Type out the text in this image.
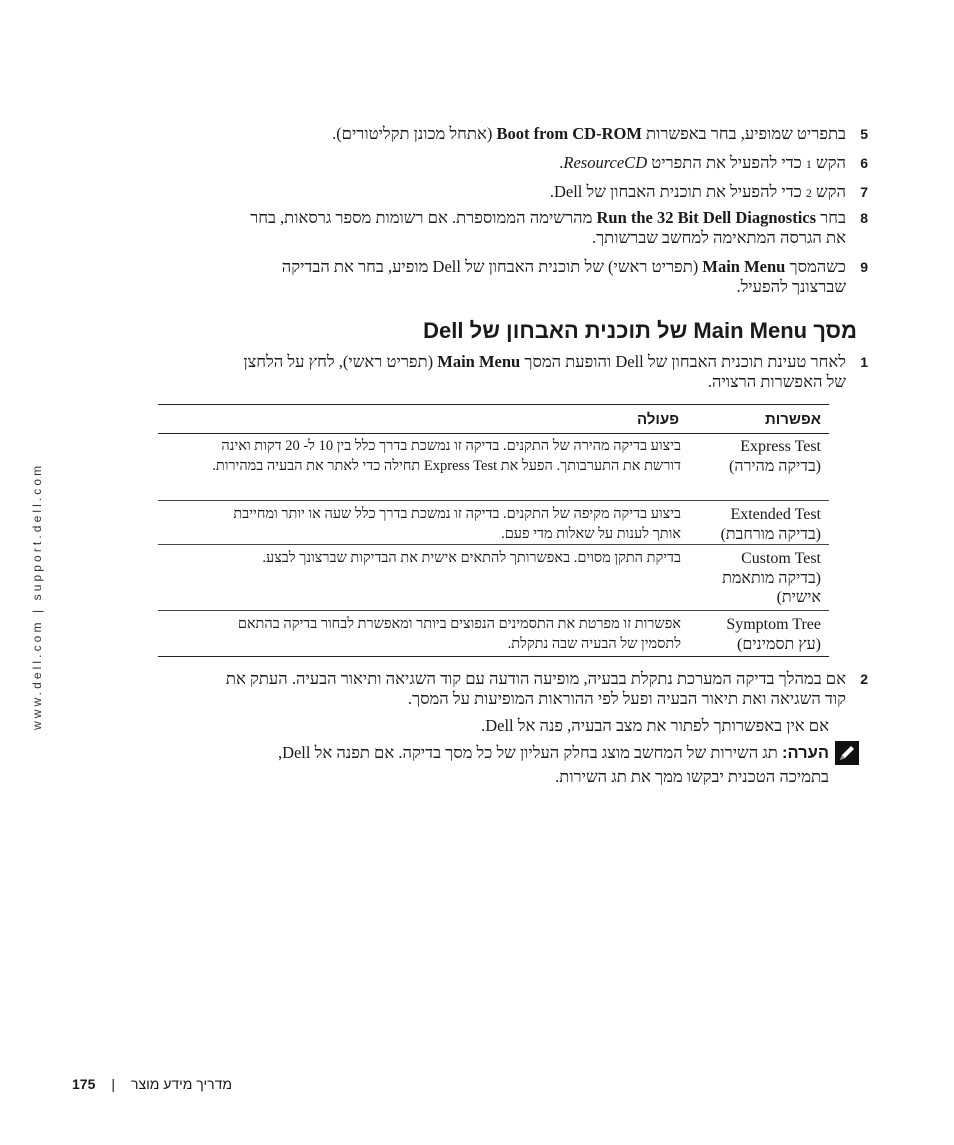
www.dell.com | support.dell.com
5
בתפריט שמופיע, בחר באפשרות Boot from CD-ROM (אתחל מכונן תקליטורים).
6
הקש 1 כדי להפעיל את התפריט ResourceCD.
7
הקש 2 כדי להפעיל את תוכנית האבחון של Dell.
8
בחר Run the 32 Bit Dell Diagnostics מהרשימה הממוספרת. אם רשומות מספר גרסאות, בחר
את הגרסה המתאימה למחשב שברשותך.
9
כשהמסך Main Menu (תפריט ראשי) של תוכנית האבחון של Dell מופיע, בחר את הבדיקה
שברצונך להפעיל.
מסך Main Menu של תוכנית האבחון של Dell
1
לאחר טעינת תוכנית האבחון של Dell והופעת המסך Main Menu (תפריט ראשי), לחץ על הלחצן
של האפשרות הרצויה.
אפשרות
פעולה
Express Test
(בדיקה מהירה)
ביצוע בדיקה מהירה של התקנים. בדיקה זו נמשכת בדרך כלל בין 10 ל- 20 דקות ואינה
דורשת את התערבותך. הפעל את Express Test תחילה כדי לאתר את הבעיה במהירות.
Extended Test
(בדיקה מורחבת)
ביצוע בדיקה מקיפה של התקנים. בדיקה זו נמשכת בדרך כלל שעה או יותר ומחייבת
אותך לענות על שאלות מדי פעם.
Custom Test
(בדיקה מותאמת
אישית)
בדיקת התקן מסוים. באפשרותך להתאים אישית את הבדיקות שברצונך לבצע.
Symptom Tree
(עץ תסמינים)
אפשרות זו מפרטת את התסמינים הנפוצים ביותר ומאפשרת לבחור בדיקה בהתאם
לתסמין של הבעיה שבה נתקלת.
2
אם במהלך בדיקה המערכת נתקלת בבעיה, מופיעה הודעה עם קוד השגיאה ותיאור הבעיה. העתק את
קוד השגיאה ואת תיאור הבעיה ופעל לפי ההוראות המופיעות על המסך.
אם אין באפשרותך לפתור את מצב הבעיה, פנה אל Dell.
הערה: תג השירות של המחשב מוצג בחלק העליון של כל מסך בדיקה. אם תפנה אל Dell,
בתמיכה הטכנית יבקשו ממך את תג השירות.
175 | מדריך מידע מוצר
